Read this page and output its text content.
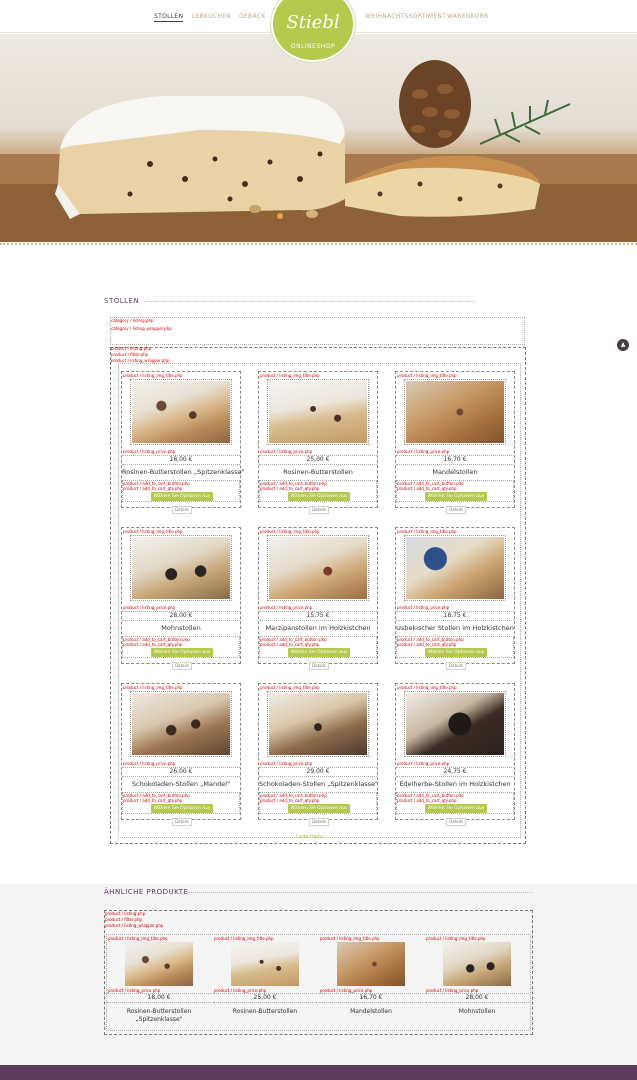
STOLLEN LEBKUCHEN GEBÄCK	WEIHNACHTSSORTIMENT WARENKORB
Stiebl
ONLINESHOP
STOLLEN
category / listing.php
category / listing_wrapper.php
product / listing.php
product / filter.php
product / listing_wrapper.php
product / listing_img_title.php
product / listing_price.php
18,00 €
Rosinen-Butterstollen „Spitzenklasse"
product / add_to_cart_button.php
product / add_to_cart_qty.php
Wählen Sie Optionen aus
Details
product / listing_img_title.php
product / listing_price.php
25,00 €
Rosinen-Butterstollen
product / add_to_cart_button.php
product / add_to_cart_qty.php
Wählen Sie Optionen aus
Details
product / listing_img_title.php
product / listing_price.php
16,70 €
Mandelstollen
product / add_to_cart_button.php
product / add_to_cart_qty.php
Wählen Sie Optionen aus
Details
product / listing_img_title.php
product / listing_price.php
28,00 €
Mohnstollen
product / add_to_cart_button.php
product / add_to_cart_qty.php
Wählen Sie Optionen aus
Details
product / listing_img_title.php
product / listing_price.php
15,75 €
Marzipanstollen im Holzkistchen
product / add_to_cart_button.php
product / add_to_cart_qty.php
Wählen Sie Optionen aus
Details
product / listing_img_title.php
product / listing_price.php
18,75 €
Usbekischer Stollen im Holzkistchen
product / add_to_cart_button.php
product / add_to_cart_qty.php
Wählen Sie Optionen aus
Details
product / listing_img_title.php
product / listing_price.php
26,00 €
Schokoladen-Stollen „Mandel"
product / add_to_cart_button.php
product / add_to_cart_qty.php
Wählen Sie Optionen aus
Details
product / listing_img_title.php
product / listing_price.php
29,00 €
Schokoladen-Stollen „Spitzenklasse"
product / add_to_cart_button.php
product / add_to_cart_qty.php
Wählen Sie Optionen aus
Details
product / listing_img_title.php
product / listing_price.php
24,75 €
Edelherbe-Stollen im Holzkistchen
product / add_to_cart_button.php
product / add_to_cart_qty.php
Wählen Sie Optionen aus
Details
Lade mehr...
▲
ÄHNLICHE PRODUKTE
product / listing.php
product / filter.php
product / listing_wrapper.php
product / listing_img_title.php
product / listing_price.php
18,00 €
Rosinen-Butterstollen „Spitzenklasse"
product / listing_img_title.php
product / listing_price.php
25,00 €
Rosinen-Butterstollen
product / listing_img_title.php
product / listing_price.php
16,70 €
Mandelstollen
product / listing_img_title.php
product / listing_price.php
28,00 €
Mohnstollen
